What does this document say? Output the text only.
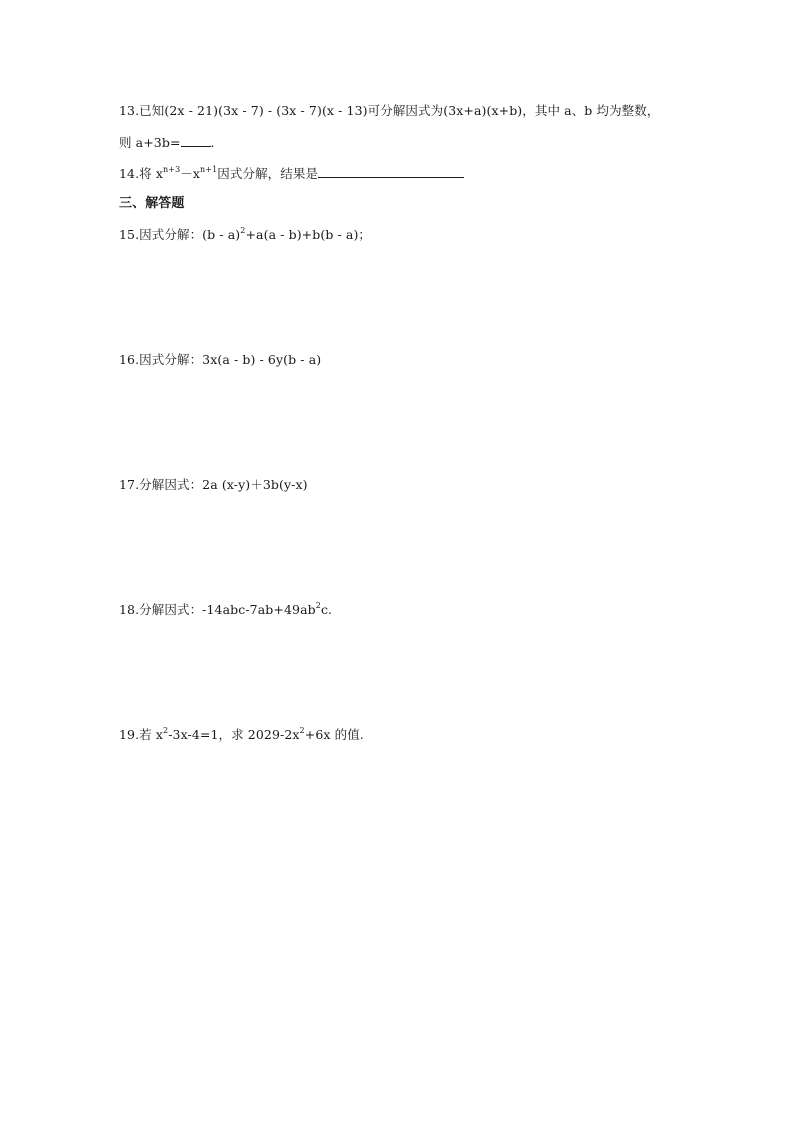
13.已知(2x - 21)(3x - 7) - (3x - 7)(x - 13)可分解因式为(3x+a)(x+b)，其中 a、b 均为整数，
则 a+3b= .
14.将 $x^{n+3}-x^{n+1}$因式分解，结果是
三、解答题
15.因式分解：(b - a)$^2$+a(a - b)+b(b - a)；
16.因式分解：3x(a - b) - 6y(b - a)
17.分解因式：2a (x-y)＋3b(y-x)
18.分解因式：$-14abc-7ab+49ab^2c$.
19.若 $x^2-3x-4=1$，求 $2029-2x^2+6x$ 的值.
